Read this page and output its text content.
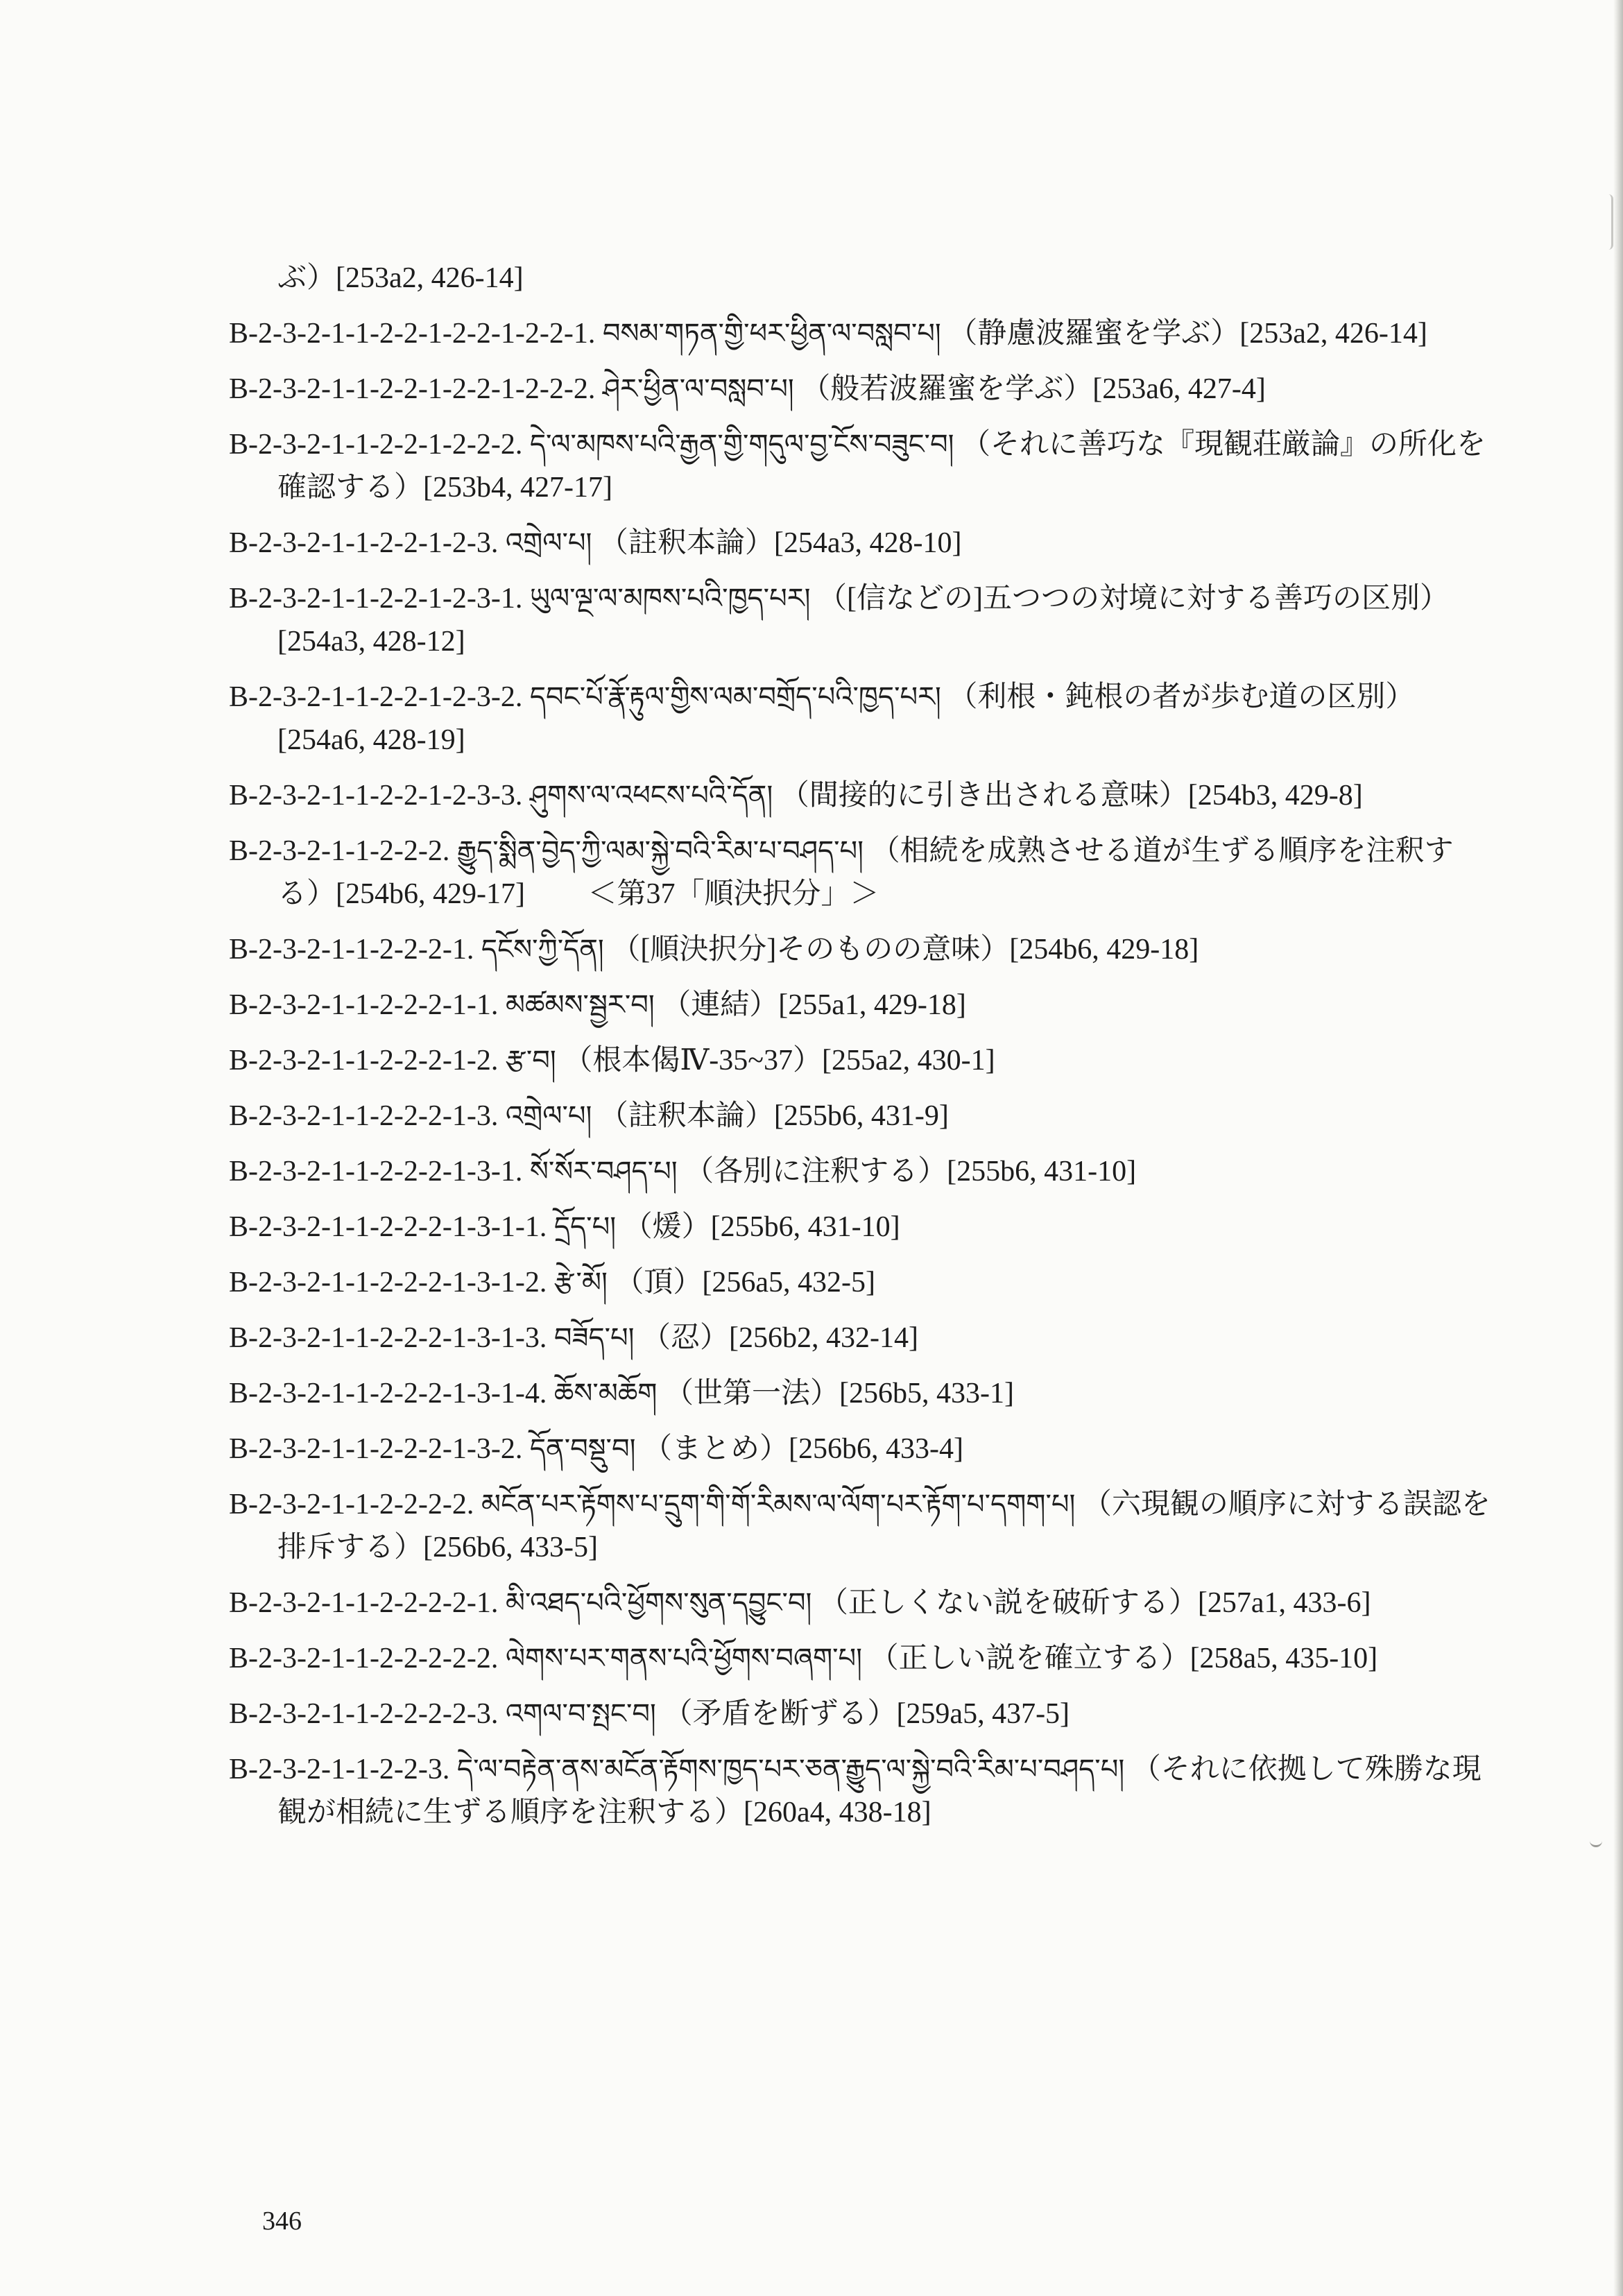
ぶ）[253a2, 426-14]
B-2-3-2-1-1-2-2-1-2-2-1-2-2-1. བསམ་གཏན་གྱི་ཕར་ཕྱིན་ལ་བསླབ་པ། （静慮波羅蜜を学ぶ）[253a2, 426-14]
B-2-3-2-1-1-2-2-1-2-2-1-2-2-2. ཤེར་ཕྱིན་ལ་བསླབ་པ། （般若波羅蜜を学ぶ）[253a6, 427-4]
B-2-3-2-1-1-2-2-1-2-2-2. དེ་ལ་མཁས་པའི་རྒྱན་གྱི་གདུལ་བྱ་ངོས་བཟུང་བ། （それに善巧な『現観荘厳論』の所化を確認する）[253b4, 427-17]
B-2-3-2-1-1-2-2-1-2-3. འགྲེལ་པ། （註釈本論）[254a3, 428-10]
B-2-3-2-1-1-2-2-1-2-3-1. ཡུལ་ལྔ་ལ་མཁས་པའི་ཁྱད་པར། （[信などの]五つつの対境に対する善巧の区別）[254a3, 428-12]
B-2-3-2-1-1-2-2-1-2-3-2. དབང་པོ་རྣོ་རྟུལ་གྱིས་ལམ་བགྲོད་པའི་ཁྱད་པར། （利根・鈍根の者が歩む道の区別）[254a6, 428-19]
B-2-3-2-1-1-2-2-1-2-3-3. ཤུགས་ལ་འཕངས་པའི་དོན། （間接的に引き出される意味）[254b3, 429-8]
B-2-3-2-1-1-2-2-2. རྒྱུད་སྨིན་བྱེད་ཀྱི་ལམ་སྐྱེ་བའི་རིམ་པ་བཤད་པ། （相続を成熟させる道が生ずる順序を注釈する）[254b6, 429-17] ＜第37「順決択分」＞
B-2-3-2-1-1-2-2-2-1. དངོས་ཀྱི་དོན། （[順決択分]そのものの意味）[254b6, 429-18]
B-2-3-2-1-1-2-2-2-1-1. མཚམས་སྦྱར་བ། （連結）[255a1, 429-18]
B-2-3-2-1-1-2-2-2-1-2. རྩ་བ། （根本偈Ⅳ-35~37）[255a2, 430-1]
B-2-3-2-1-1-2-2-2-1-3. འགྲེལ་པ། （註釈本論）[255b6, 431-9]
B-2-3-2-1-1-2-2-2-1-3-1. སོ་སོར་བཤད་པ། （各別に注釈する）[255b6, 431-10]
B-2-3-2-1-1-2-2-2-1-3-1-1. དྲོད་པ། （煖）[255b6, 431-10]
B-2-3-2-1-1-2-2-2-1-3-1-2. རྩེ་མོ། （頂）[256a5, 432-5]
B-2-3-2-1-1-2-2-2-1-3-1-3. བཟོད་པ། （忍）[256b2, 432-14]
B-2-3-2-1-1-2-2-2-1-3-1-4. ཆོས་མཆོག （世第一法）[256b5, 433-1]
B-2-3-2-1-1-2-2-2-1-3-2. དོན་བསྡུ་བ། （まとめ）[256b6, 433-4]
B-2-3-2-1-1-2-2-2-2. མངོན་པར་རྟོགས་པ་དྲུག་གི་གོ་རིམས་ལ་ལོག་པར་རྟོག་པ་དགག་པ། （六現観の順序に対する誤認を排斥する）[256b6, 433-5]
B-2-3-2-1-1-2-2-2-2-1. མི་འཐད་པའི་ཕྱོགས་སུན་དབྱུང་བ། （正しくない説を破斫する）[257a1, 433-6]
B-2-3-2-1-1-2-2-2-2-2. ལེགས་པར་གནས་པའི་ཕྱོགས་བཞག་པ། （正しい説を確立する）[258a5, 435-10]
B-2-3-2-1-1-2-2-2-2-3. འགལ་བ་སྤང་བ། （矛盾を断ずる）[259a5, 437-5]
B-2-3-2-1-1-2-2-3. དེ་ལ་བརྟེན་ནས་མངོན་རྟོགས་ཁྱད་པར་ཅན་རྒྱུད་ལ་སྐྱེ་བའི་རིམ་པ་བཤད་པ། （それに依拠して殊勝な現観が相続に生ずる順序を注釈する）[260a4, 438-18]
346
